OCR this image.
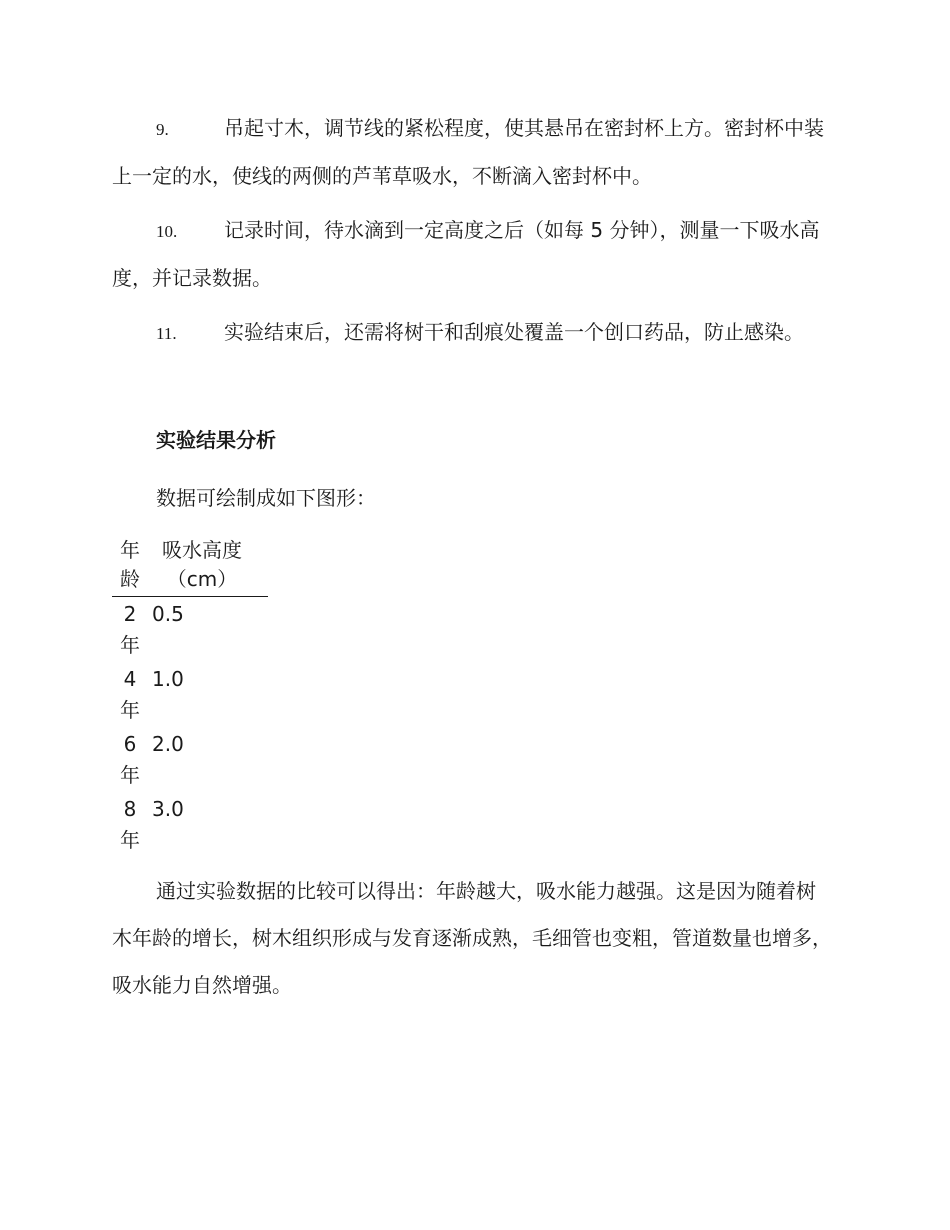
9.	吊起寸木，调节线的紧松程度，使其悬吊在密封杯上方。密封杯中装上一定的水，使线的两侧的芦苇草吸水，不断滴入密封杯中。

10. 记录时间，待水滴到一定高度之后（如每 5 分钟），测量一下吸水高度，并记录数据。

11. 实验结束后，还需将树干和刮痕处覆盖一个创口药品，防止感染。

实验结果分析

数据可绘制成如下图形：

年龄	吸水高度（cm）

2年	0.5

4年	1.0

6年	2.0

8年	3.0

通过实验数据的比较可以得出：年龄越大，吸水能力越强。这是因为随着树木年龄的增长，树木组织形成与发育逐渐成熟，毛细管也变粗，管道数量也增多，吸水能力自然增强。
